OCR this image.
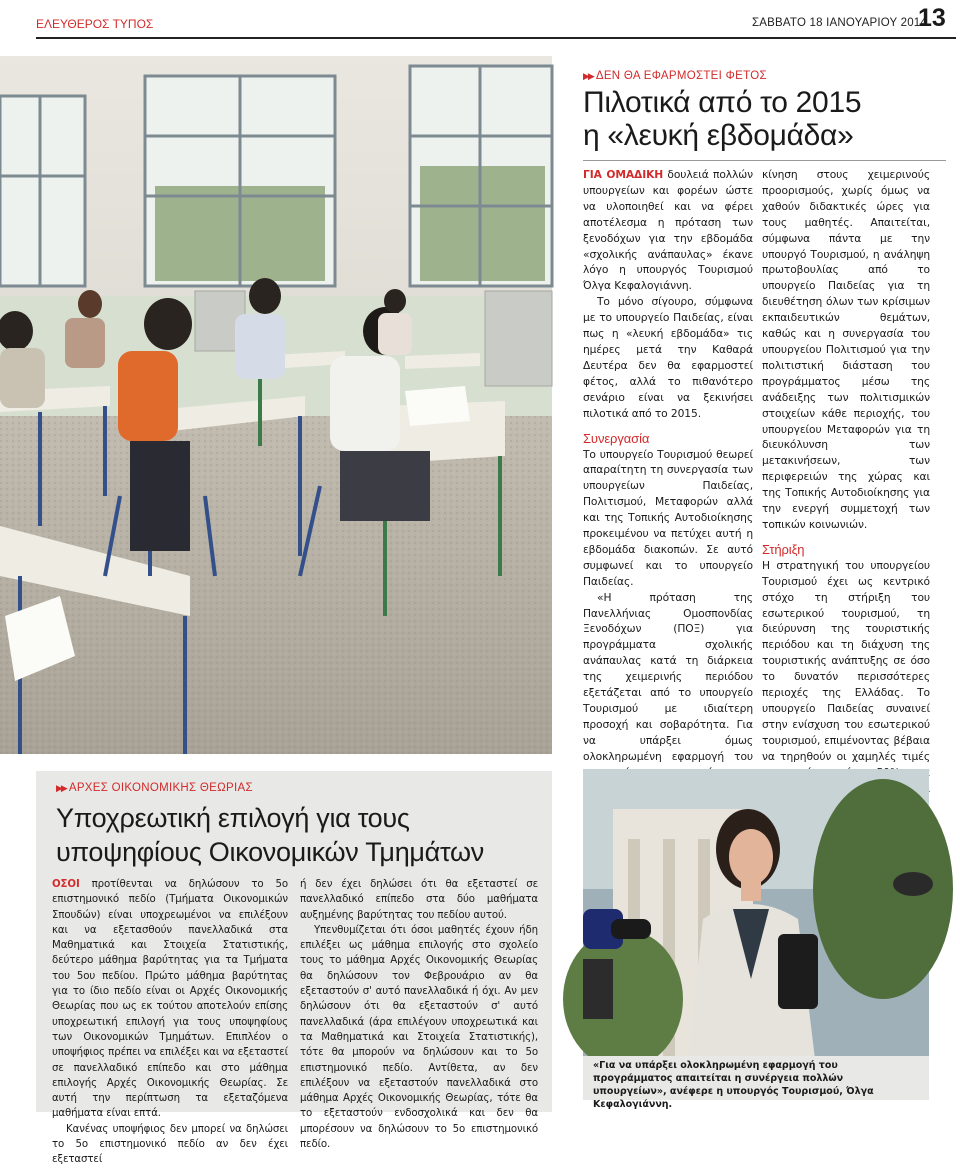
ΕΛΕΥΘΕΡΟΣ ΤΥΠΟΣ	ΣΑΒΒΑΤΟ 18 ΙΑΝΟΥΑΡΙΟΥ 2014
13
▶▶ ΔΕΝ ΘΑ ΕΦΑΡΜΟΣΤΕΙ ΦΕΤΟΣ
Πιλοτικά από το 2015
η «λευκή εβδομάδα»

ΓΙΑ ΟΜΑΔΙΚΗ δουλειά πολλών υπουργείων και φορέων ώστε να υλοποιηθεί και να φέρει αποτέλεσμα η πρόταση των ξενοδόχων για την εβδομάδα «σχολικής ανάπαυλας» έκανε λόγο η υπουργός Τουρισμού Όλγα Κεφαλογιάννη.

Το μόνο σίγουρο, σύμφωνα με το υπουργείο Παιδείας, είναι πως η «λευκή εβδομάδα» τις ημέρες μετά την Καθαρά Δευτέρα δεν θα εφαρμοστεί φέτος, αλλά το πιθανότερο σενάριο είναι να ξεκινήσει πιλοτικά από το 2015.

Συνεργασία

Το υπουργείο Τουρισμού θεωρεί απαραίτητη τη συνεργασία των υπουργείων Παιδείας, Πολιτισμού, Μεταφορών αλλά και της Τοπικής Αυτοδιοίκησης προκειμένου να πετύχει αυτή η εβδομάδα διακοπών. Σε αυτό συμφωνεί και το υπουργείο Παιδείας.

«Η πρόταση της Πανελλήνιας Ομοσπονδίας Ξενοδόχων (ΠΟΞ) για προγράμματα σχολικής ανάπαυλας κατά τη διάρκεια της χειμερινής περιόδου εξετάζεται από το υπουργείο Τουρισμού με ιδιαίτερη προσοχή και σοβαρότητα. Για να υπάρξει όμως ολοκληρωμένη εφαρμογή του

κίνηση στους χειμερινούς προορισμούς, χωρίς όμως να χαθούν διδακτικές ώρες για τους μαθητές. Απαιτείται, σύμφωνα πάντα με την υπουργό Τουρισμού, η ανάληψη πρωτοβουλίας από το υπουργείο Παιδείας για τη διευθέτηση όλων των κρίσιμων εκπαιδευτικών θεμάτων, καθώς και η συνεργασία του υπουργείου Πολιτισμού για την πολιτιστική διάσταση του προγράμματος μέσω της ανάδειξης των πολιτισμικών στοιχείων κάθε περιοχής, του υπουργείου Μεταφορών για τη διευκόλυνση των μετακινήσεων, των περιφερειών της χώρας και της Τοπικής Αυτοδιοίκησης για την ενεργή συμμετοχή των τοπικών κοινωνιών.

Στήριξη

Η στρατηγική του υπουργείου Τουρισμού έχει ως κεντρικό στόχο τη στήριξη του εσωτερικού τουρισμού, τη διεύρυνση της τουριστικής περιόδου και τη διάχυση της τουριστικής ανάπτυξης σε όσο το δυνατόν περισσότερες περιοχές της Ελλάδας. Το υπουργείο Παιδείας συναινεί στην ενίσχυση του εσωτερικού τουρισμού, επιμένοντας βέβαια να τηρηθούν οι χαμηλές τιμές

▶▶ ΑΡΧΕΣ ΟΙΚΟΝΟΜΙΚΗΣ ΘΕΩΡΙΑΣ
Υποχρεωτική επιλογή για τους
υποψηφίους Οικονομικών Τμημάτων

ΟΣΟΙ προτίθενται να δηλώσουν το 5ο επιστημονικό πεδίο (Τμήματα Οικονομικών Σπουδών) είναι υποχρεωμένοι να επιλέξουν και να εξετασθούν πανελλαδικά στα Μαθηματικά και Στοιχεία Στατιστικής, δεύτερο μάθημα βαρύτητας για τα Τμήματα του 5ου πεδίου. Πρώτο μάθημα βαρύτητας για το ίδιο πεδίο είναι οι Αρχές Οικονομικής Θεωρίας που ως εκ τούτου αποτελούν επίσης υποχρεωτική επιλογή για τους υποψηφίους των Οικονομικών Τμημάτων. Επιπλέον ο υποψήφιος πρέπει να επιλέξει και να εξεταστεί σε πανελλαδικό επίπεδο και στο μάθημα επιλογής Αρχές Οικονομικής Θεωρίας. Σε αυτή την περίπτωση τα εξεταζόμενα μαθήματα είναι επτά.

Κανένας υποψήφιος δεν μπορεί να δηλώσει το 5ο επιστημονικό πεδίο αν δεν έχει εξεταστεί

ή δεν έχει δηλώσει ότι θα εξεταστεί σε πανελλαδικό επίπεδο στα δύο μαθήματα αυξημένης βαρύτητας του πεδίου αυτού.

Υπενθυμίζεται ότι όσοι μαθητές έχουν ήδη επιλέξει ως μάθημα επιλογής στο σχολείο τους το μάθημα Αρχές Οικονομικής Θεωρίας θα δηλώσουν τον Φεβρουάριο αν θα εξεταστούν σ' αυτό πανελλαδικά ή όχι. Αν μεν δηλώσουν ότι θα εξεταστούν σ' αυτό πανελλαδικά (άρα επιλέγουν υποχρεωτικά και τα Μαθηματικά και Στοιχεία Στατιστικής), τότε θα μπορούν να δηλώσουν και το 5ο επιστημονικό πεδίο. Αντίθετα, αν δεν επιλέξουν να εξεταστούν πανελλαδικά στο μάθημα Αρχές Οικονομικής Θεωρίας, τότε θα το εξεταστούν ενδοσχολικά και δεν θα μπορέσουν να δηλώσουν το 5ο επιστημονικό πεδίο.

«Για να υπάρξει ολοκληρωμένη εφαρμογή του προγράμματος απαιτείται η συνέργεια πολλών υπουργείων», ανέφερε η υπουργός Τουρισμού, Όλγα Κεφαλογιάννη.
